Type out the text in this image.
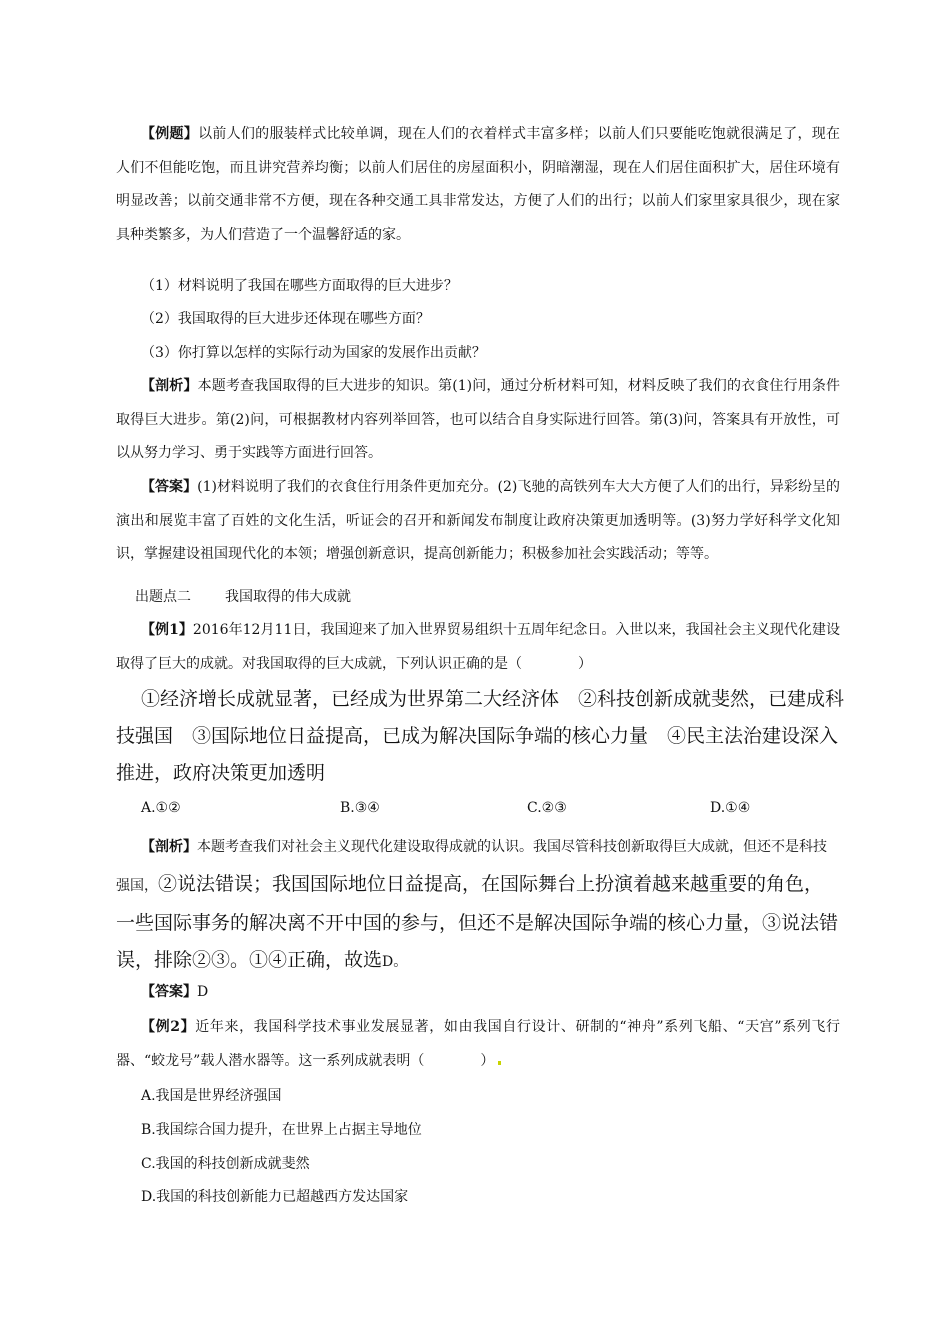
【例题】以前人们的服装样式比较单调，现在人们的衣着样式丰富多样；以前人们只要能吃饱就很满足了，现在人们不但能吃饱，而且讲究营养均衡；以前人们居住的房屋面积小，阴暗潮湿，现在人们居住面积扩大，居住环境有明显改善；以前交通非常不方便，现在各种交通工具非常发达，方便了人们的出行；以前人们家里家具很少，现在家具种类繁多，为人们营造了一个温馨舒适的家。

（1）材料说明了我国在哪些方面取得的巨大进步？

（2）我国取得的巨大进步还体现在哪些方面？

（3）你打算以怎样的实际行动为国家的发展作出贡献？

【剖析】本题考查我国取得的巨大进步的知识。第(1)问，通过分析材料可知，材料反映了我们的衣食住行用条件取得巨大进步。第(2)问，可根据教材内容列举回答，也可以结合自身实际进行回答。第(3)问，答案具有开放性，可以从努力学习、勇于实践等方面进行回答。

【答案】(1)材料说明了我们的衣食住行用条件更加充分。(2)飞驰的高铁列车大大方便了人们的出行，异彩纷呈的演出和展览丰富了百姓的文化生活，听证会的召开和新闻发布制度让政府决策更加透明等。(3)努力学好科学文化知识，掌握建设祖国现代化的本领；增强创新意识，提高创新能力；积极参加社会实践活动；等等。

出题点二 我国取得的伟大成就

【例1】2016年12月11日，我国迎来了加入世界贸易组织十五周年纪念日。入世以来，我国社会主义现代化建设取得了巨大的成就。对我国取得的巨大成就，下列认识正确的是（　　　　）

①经济增长成就显著，已经成为世界第二大经济体　②科技创新成就斐然，已建成科技强国　③国际地位日益提高，已成为解决国际争端的核心力量　④民主法治建设深入推进，政府决策更加透明

A.①②	B.③④	C.②③	D.①④

【剖析】本题考查我们对社会主义现代化建设取得成就的认识。我国尽管科技创新取得巨大成就，但还不是科技强国，②说法错误；我国国际地位日益提高，在国际舞台上扮演着越来越重要的角色，一些国际事务的解决离不开中国的参与，但还不是解决国际争端的核心力量，③说法错误，排除②③。①④正确，故选D。

【答案】D

【例2】近年来，我国科学技术事业发展显著，如由我国自行设计、研制的“神舟”系列飞船、“天宫”系列飞行器、“蛟龙号”载人潜水器等。这一系列成就表明（　　　　）

A.我国是世界经济强国

B.我国综合国力提升，在世界上占据主导地位

C.我国的科技创新成就斐然

D.我国的科技创新能力已超越西方发达国家
